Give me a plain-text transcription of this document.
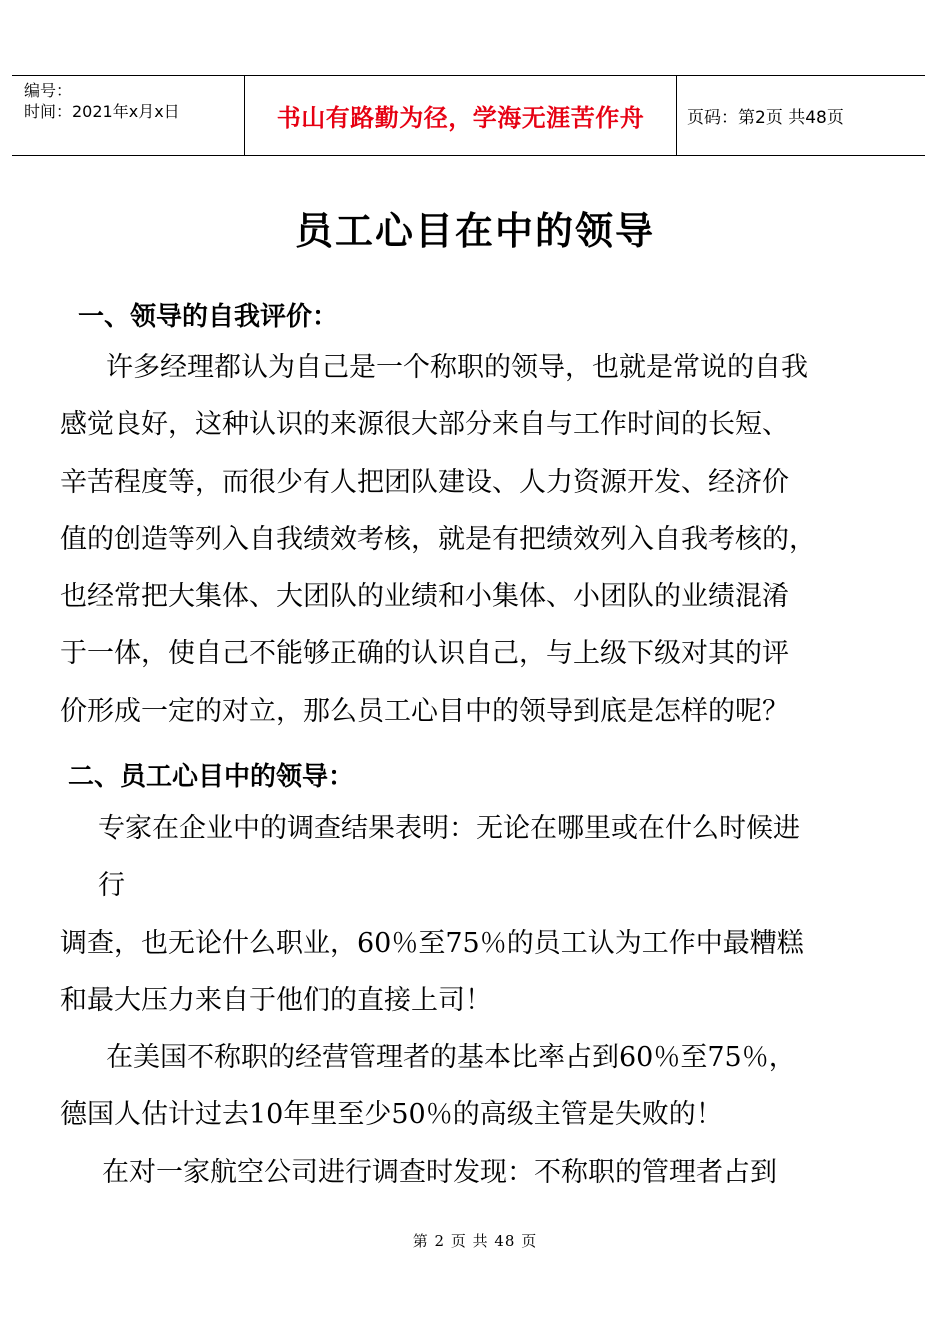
编号：
时间：2021年x月x日	书山有路勤为径，学海无涯苦作舟	页码：第2页 共48页
员工心目在中的领导
一、领导的自我评价：
许多经理都认为自己是一个称职的领导，也就是常说的自我
感觉良好，这种认识的来源很大部分来自与工作时间的长短、
辛苦程度等，而很少有人把团队建设、人力资源开发、经济价
值的创造等列入自我绩效考核，就是有把绩效列入自我考核的，
也经常把大集体、大团队的业绩和小集体、小团队的业绩混淆
于一体，使自己不能够正确的认识自己，与上级下级对其的评
价形成一定的对立，那么员工心目中的领导到底是怎样的呢？
二、员工心目中的领导：
专家在企业中的调查结果表明：无论在哪里或在什么时候进
行
调查，也无论什么职业，60％至75％的员工认为工作中最糟糕
和最大压力来自于他们的直接上司！
在美国不称职的经营管理者的基本比率占到60％至75％，
德国人估计过去10年里至少50％的高级主管是失败的！
在对一家航空公司进行调查时发现：不称职的管理者占到
第 2 页 共 48 页
